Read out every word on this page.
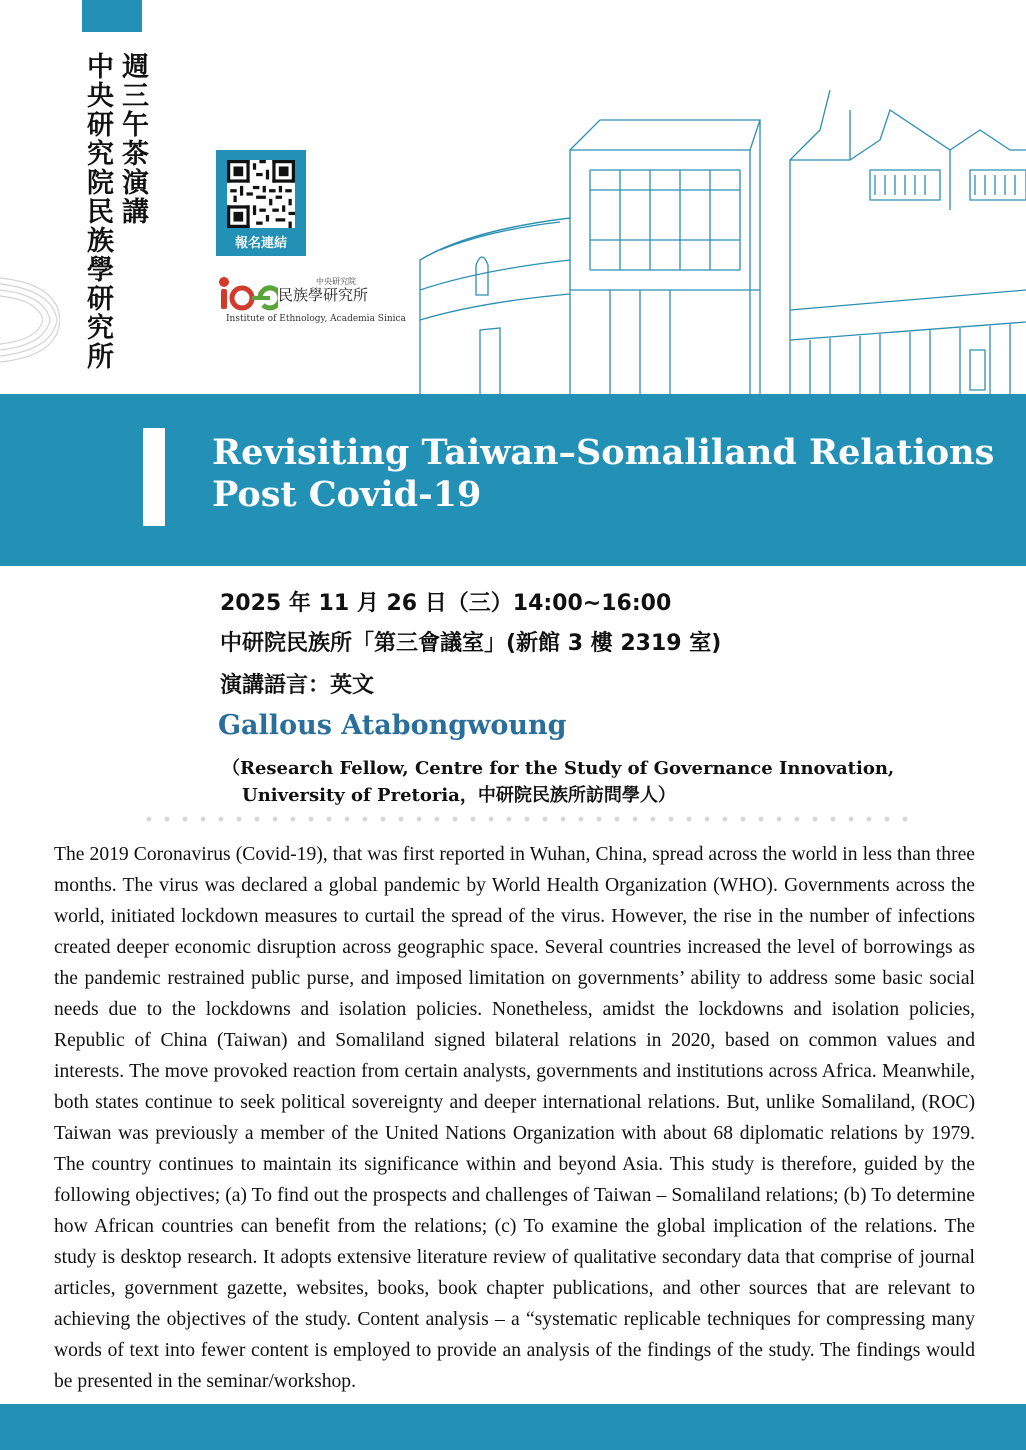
週三午茶演講
中央研究院民族學研究所	報名連結
中央研究院
民族學研究所
Institute of Ethnology, Academia Sinica
Revisiting Taiwan–Somaliland Relations
Post Covid-19
2025 年 11 月 26 日（三）14:00~16:00
中研院民族所「第三會議室」(新館 3 樓 2319 室)
演講語言：英文
Gallous Atabongwoung
（Research Fellow, Centre for the Study of Governance Innovation,
University of Pretoria，中研院民族所訪問學人）
The 2019 Coronavirus (Covid-19), that was first reported in Wuhan, China, spread across the world in less than three months. The virus was declared a global pandemic by World Health Organization (WHO). Governments across the world, initiated lockdown measures to curtail the spread of the virus. However, the rise in the number of infections created deeper economic disruption across geographic space. Several countries increased the level of borrowings as the pandemic restrained public purse, and imposed limitation on governments’ ability to address some basic social needs due to the lockdowns and isolation policies. Nonetheless, amidst the lockdowns and isolation policies, Republic of China (Taiwan) and Somaliland signed bilateral relations in 2020, based on common values and interests. The move provoked reaction from certain analysts, governments and institutions across Africa. Meanwhile, both states continue to seek political sovereignty and deeper international relations. But, unlike Somaliland, (ROC) Taiwan was previously a member of the United Nations Organization with about 68 diplomatic relations by 1979. The country continues to maintain its significance within and beyond Asia. This study is therefore, guided by the following objectives; (a) To find out the prospects and challenges of Taiwan – Somaliland relations; (b) To determine how African countries can benefit from the relations; (c) To examine the global implication of the relations. The study is desktop research. It adopts extensive literature review of qualitative secondary data that comprise of journal articles, government gazette, websites, books, book chapter publications, and other sources that are relevant to achieving the objectives of the study. Content analysis – a “systematic replicable techniques for compressing many words of text into fewer content is employed to provide an analysis of the findings of the study. The findings would be presented in the seminar/workshop.
